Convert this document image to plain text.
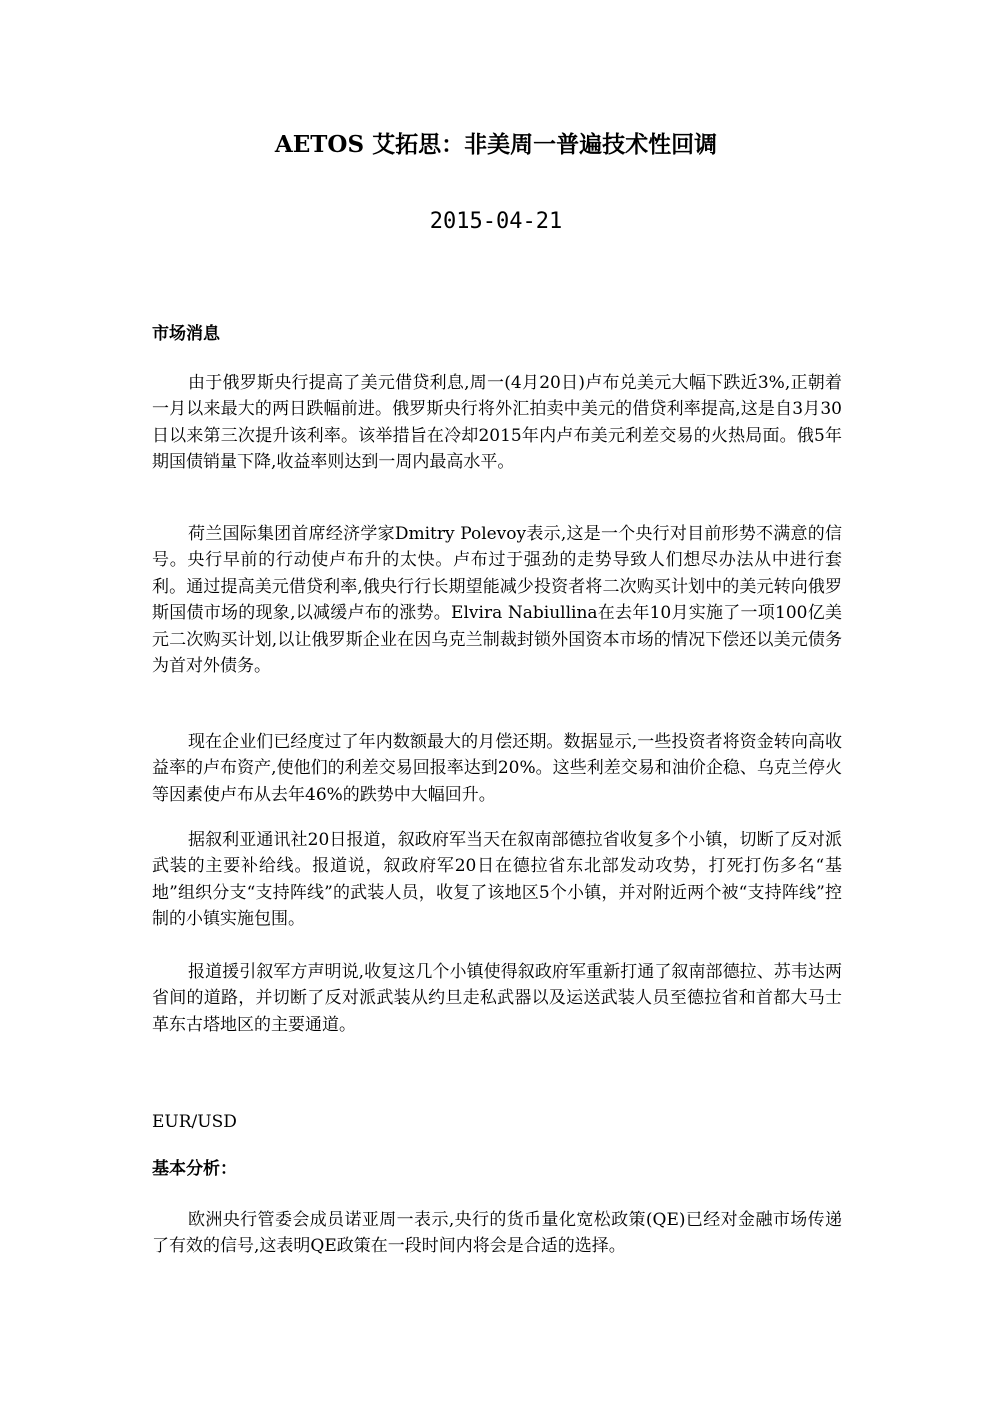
AETOS 艾拓思：非美周一普遍技术性回调
2015-04-21
市场消息

由于俄罗斯央行提高了美元借贷利息,周一(4月20日)卢布兑美元大幅下跌近3%,正朝着一月以来最大的两日跌幅前进。俄罗斯央行将外汇拍卖中美元的借贷利率提高,这是自3月30日以来第三次提升该利率。该举措旨在冷却2015年内卢布美元利差交易的火热局面。俄5年期国债销量下降,收益率则达到一周内最高水平。

荷兰国际集团首席经济学家Dmitry Polevoy表示,这是一个央行对目前形势不满意的信号。央行早前的行动使卢布升的太快。卢布过于强劲的走势导致人们想尽办法从中进行套利。通过提高美元借贷利率,俄央行行长期望能减少投资者将二次购买计划中的美元转向俄罗斯国债市场的现象,以减缓卢布的涨势。Elvira Nabiullina在去年10月实施了一项100亿美元二次购买计划,以让俄罗斯企业在因乌克兰制裁封锁外国资本市场的情况下偿还以美元债务为首对外债务。

现在企业们已经度过了年内数额最大的月偿还期。数据显示,一些投资者将资金转向高收益率的卢布资产,使他们的利差交易回报率达到20%。这些利差交易和油价企稳、乌克兰停火等因素使卢布从去年46%的跌势中大幅回升。

据叙利亚通讯社20日报道，叙政府军当天在叙南部德拉省收复多个小镇，切断了反对派武装的主要补给线。报道说，叙政府军20日在德拉省东北部发动攻势，打死打伤多名“基地”组织分支“支持阵线”的武装人员，收复了该地区5个小镇，并对附近两个被“支持阵线”控制的小镇实施包围。

报道援引叙军方声明说,收复这几个小镇使得叙政府军重新打通了叙南部德拉、苏韦达两省间的道路，并切断了反对派武装从约旦走私武器以及运送武装人员至德拉省和首都大马士革东古塔地区的主要通道。

EUR/USD
基本分析：

欧洲央行管委会成员诺亚周一表示,央行的货币量化宽松政策(QE)已经对金融市场传递了有效的信号,这表明QE政策在一段时间内将会是合适的选择。
